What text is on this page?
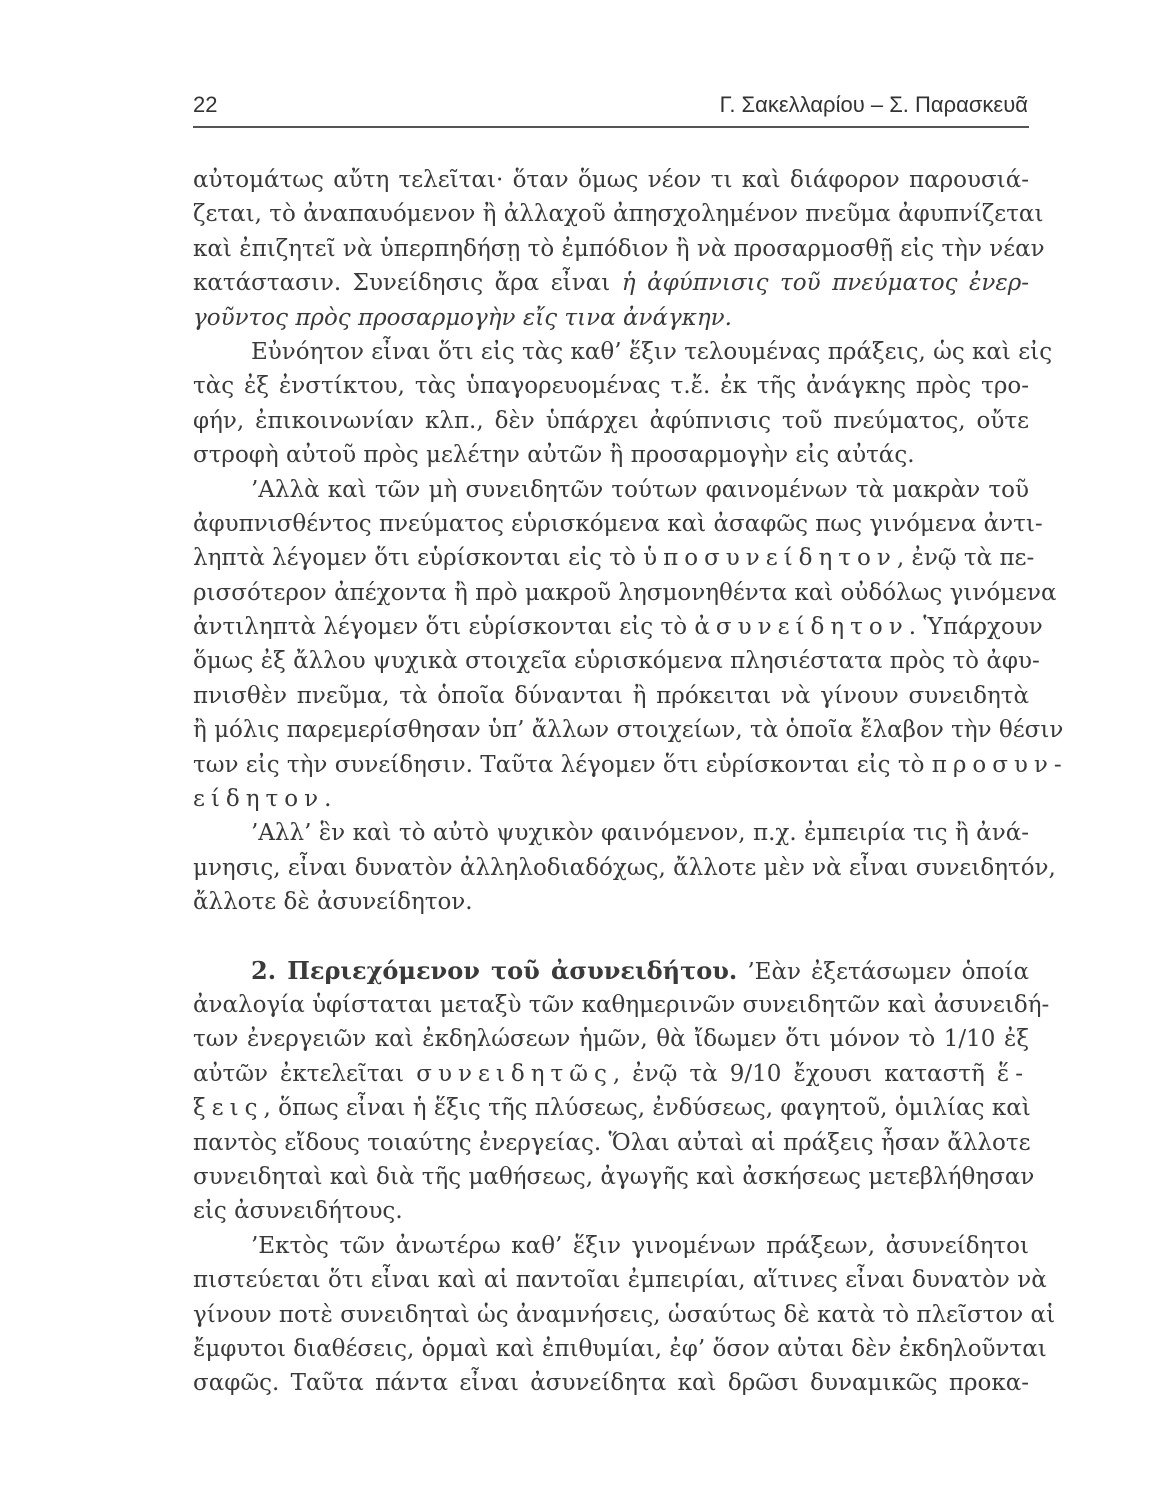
22	Γ. Σακελλαρίου – Σ. Παρασκευᾶ
αὐτομάτως αὔτη τελεῖται· ὅταν ὅμως νέον τι καὶ διάφορον παρουσιά-
ζεται, τὸ ἀναπαυόμενον ἢ ἀλλαχοῦ ἀπησχολημένον πνεῦμα ἀφυπνίζεται
καὶ ἐπιζητεῖ νὰ ὑπερπηδήσῃ τὸ ἐμπόδιον ἢ νὰ προσαρμοσθῇ εἰς τὴν νέαν
κατάστασιν. Συνείδησις ἄρα εἶναι ἡ ἀφύπνισις τοῦ πνεύματος ἐνερ-
γοῦντος πρὸς προσαρμογὴν εἴς τινα ἀνάγκην.
Εὐνόητον εἶναι ὅτι εἰς τὰς καθ’ ἕξιν τελουμένας πράξεις, ὡς καὶ εἰς
τὰς ἐξ ἐνστίκτου, τὰς ὑπαγορευομένας τ.ἔ. ἐκ τῆς ἀνάγκης πρὸς τρο-
φήν, ἐπικοινωνίαν κλπ., δὲν ὑπάρχει ἀφύπνισις τοῦ πνεύματος, οὔτε
στροφὴ αὐτοῦ πρὸς μελέτην αὐτῶν ἢ προσαρμογὴν εἰς αὐτάς.
’Αλλὰ καὶ τῶν μὴ συνειδητῶν τούτων φαινομένων τὰ μακρὰν τοῦ
ἀφυπνισθέντος πνεύματος εὑρισκόμενα καὶ ἀσαφῶς πως γινόμενα ἀντι-
ληπτὰ λέγομεν ὅτι εὑρίσκονται εἰς τὸ ὑποσυνείδητον, ἐνῷ τὰ πε-
ρισσότερον ἀπέχοντα ἢ πρὸ μακροῦ λησμονηθέντα καὶ οὐδόλως γινόμενα
ἀντιληπτὰ λέγομεν ὅτι εὑρίσκονται εἰς τὸ ἀσυνείδητον. Ὑπάρχουν
ὅμως ἐξ ἄλλου ψυχικὰ στοιχεῖα εὑρισκόμενα πλησιέστατα πρὸς τὸ ἀφυ-
πνισθὲν πνεῦμα, τὰ ὁποῖα δύνανται ἢ πρόκειται νὰ γίνουν συνειδητὰ
ἢ μόλις παρεμερίσθησαν ὑπ’ ἄλλων στοιχείων, τὰ ὁποῖα ἔλαβον τὴν θέσιν
των εἰς τὴν συνείδησιν. Ταῦτα λέγομεν ὅτι εὑρίσκονται εἰς τὸ προσυν-
είδητον.
’Αλλ’ ἓν καὶ τὸ αὐτὸ ψυχικὸν φαινόμενον, π.χ. ἐμπειρία τις ἢ ἀνά-
μνησις, εἶναι δυνατὸν ἀλληλοδιαδόχως, ἄλλοτε μὲν νὰ εἶναι συνειδητόν,
ἄλλοτε δὲ ἀσυνείδητον.
2. Περιεχόμενον τοῦ ἀσυνειδήτου. ’Εὰν ἐξετάσωμεν ὁποία
ἀναλογία ὑφίσταται μεταξὺ τῶν καθημερινῶν συνειδητῶν καὶ ἀσυνειδή-
των ἐνεργειῶν καὶ ἐκδηλώσεων ἡμῶν, θὰ ἴδωμεν ὅτι μόνον τὸ 1/10 ἐξ
αὐτῶν ἐκτελεῖται συνειδητῶς, ἐνῷ τὰ 9/10 ἔχουσι καταστῆ ἕ-
ξεις, ὅπως εἶναι ἡ ἕξις τῆς πλύσεως, ἐνδύσεως, φαγητοῦ, ὁμιλίας καὶ
παντὸς εἴδους τοιαύτης ἐνεργείας. Ὅλαι αὐταὶ αἱ πράξεις ἦσαν ἄλλοτε
συνειδηταὶ καὶ διὰ τῆς μαθήσεως, ἀγωγῆς καὶ ἀσκήσεως μετεβλήθησαν
εἰς ἀσυνειδήτους.
’Εκτὸς τῶν ἀνωτέρω καθ’ ἕξιν γινομένων πράξεων, ἀσυνείδητοι
πιστεύεται ὅτι εἶναι καὶ αἱ παντοῖαι ἐμπειρίαι, αἵτινες εἶναι δυνατὸν νὰ
γίνουν ποτὲ συνειδηταὶ ὡς ἀναμνήσεις, ὡσαύτως δὲ κατὰ τὸ πλεῖστον αἱ
ἔμφυτοι διαθέσεις, ὁρμαὶ καὶ ἐπιθυμίαι, ἐφ’ ὅσον αὐται δὲν ἐκδηλοῦνται
σαφῶς. Ταῦτα πάντα εἶναι ἀσυνείδητα καὶ δρῶσι δυναμικῶς προκα-
